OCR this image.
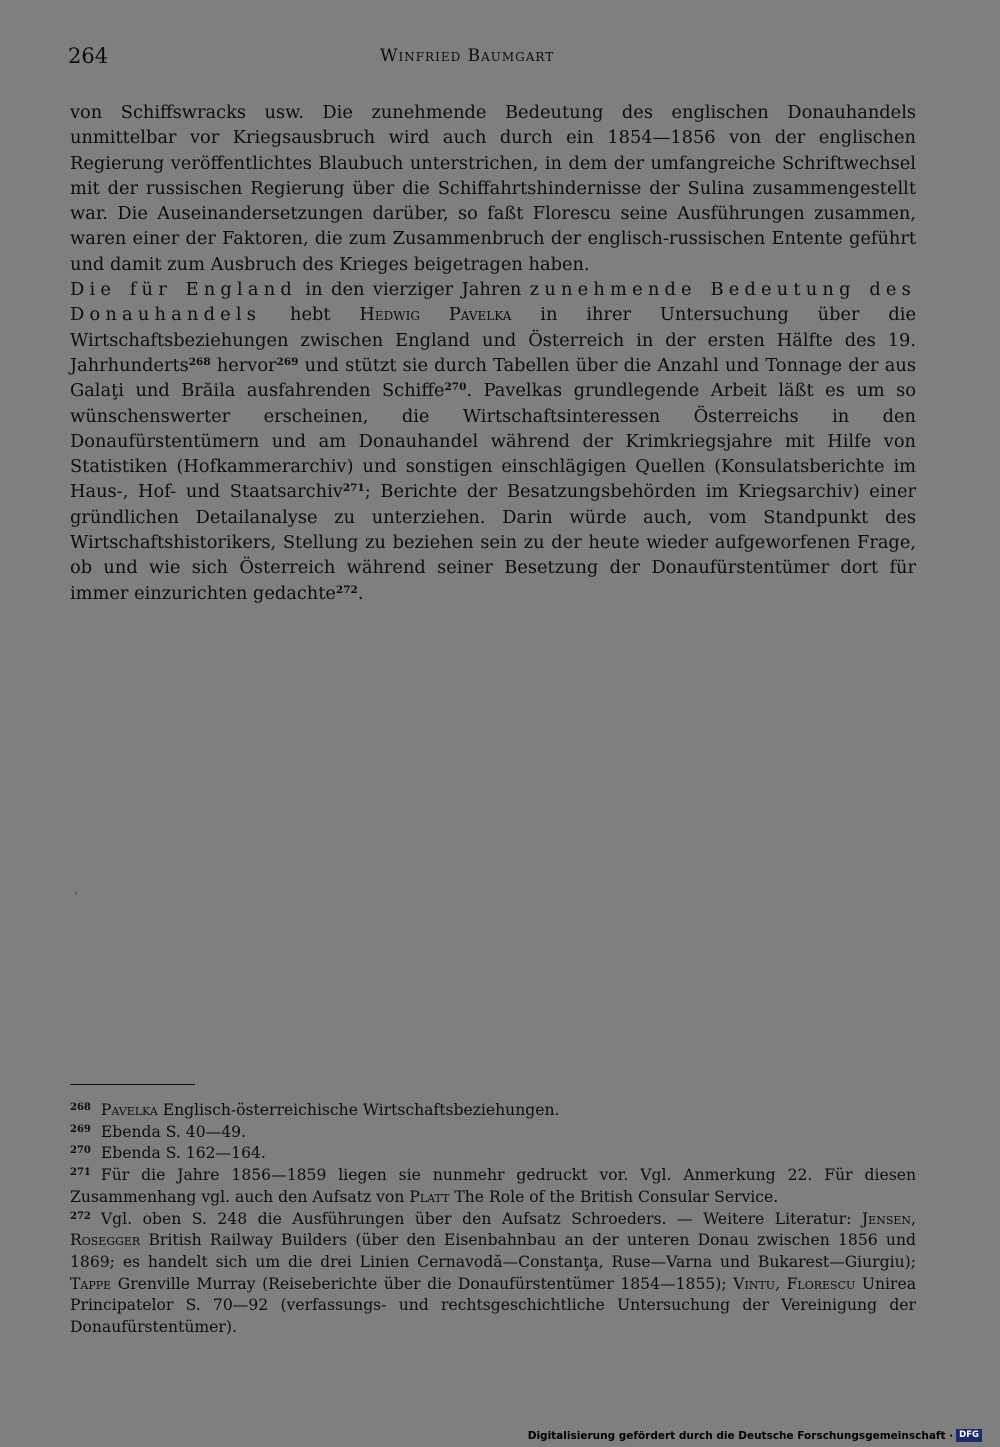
264	Winfried Baumgart

von Schiffswracks usw. Die zunehmende Bedeutung des englischen Donauhandels unmittelbar vor Kriegsausbruch wird auch durch ein 1854—1856 von der englischen Regierung veröffentlichtes Blaubuch unterstrichen, in dem der umfangreiche Schriftwechsel mit der russischen Regierung über die Schiffahrtshindernisse der Sulina zusammengestellt war. Die Auseinandersetzungen darüber, so faßt Florescu seine Ausführungen zusammen, waren einer der Faktoren, die zum Zusammenbruch der englisch-russischen Entente geführt und damit zum Ausbruch des Krieges beigetragen haben.

Die für England in den vierziger Jahren zunehmende Bedeutung des Donauhandels hebt Hedwig Pavelka in ihrer Untersuchung über die Wirtschaftsbeziehungen zwischen England und Österreich in der ersten Hälfte des 19. Jahrhunderts$^{268}$ hervor$^{269}$ und stützt sie durch Tabellen über die Anzahl und Tonnage der aus Galaţi und Brăila ausfahrenden Schiffe$^{270}$. Pavelkas grundlegende Arbeit läßt es um so wünschenswerter erscheinen, die Wirtschaftsinteressen Österreichs in den Donaufürstentümern und am Donauhandel während der Krimkriegsjahre mit Hilfe von Statistiken (Hofkammerarchiv) und sonstigen einschlägigen Quellen (Konsulatsberichte im Haus-, Hof- und Staatsarchiv$^{271}$; Berichte der Besatzungsbehörden im Kriegsarchiv) einer gründlichen Detailanalyse zu unterziehen. Darin würde auch, vom Standpunkt des Wirtschaftshistorikers, Stellung zu beziehen sein zu der heute wieder aufgeworfenen Frage, ob und wie sich Österreich während seiner Besetzung der Donaufürstentümer dort für immer einzurichten gedachte$^{272}$.

ˋ

$^{268}$ Pavelka Englisch-österreichische Wirtschaftsbeziehungen.

$^{269}$ Ebenda S. 40—49.

$^{270}$ Ebenda S. 162—164.

$^{271}$ Für die Jahre 1856—1859 liegen sie nunmehr gedruckt vor. Vgl. Anmerkung 22. Für diesen Zusammenhang vgl. auch den Aufsatz von Platt The Role of the British Consular Service.

$^{272}$ Vgl. oben S. 248 die Ausführungen über den Aufsatz Schroeders. — Weitere Literatur: Jensen, Rosegger British Railway Builders (über den Eisenbahnbau an der unteren Donau zwischen 1856 und 1869; es handelt sich um die drei Linien Cernavodă—Constanţa, Ruse—Varna und Bukarest—Giurgiu); Tappe Grenville Murray (Reiseberichte über die Donaufürstentümer 1854—1855); Vintu, Florescu Unirea Principatelor S. 70—92 (verfassungs- und rechtsgeschichtliche Untersuchung der Vereinigung der Donaufürstentümer).

Digitalisierung gefördert durch die Deutsche Forschungsgemeinschaft · DFG
